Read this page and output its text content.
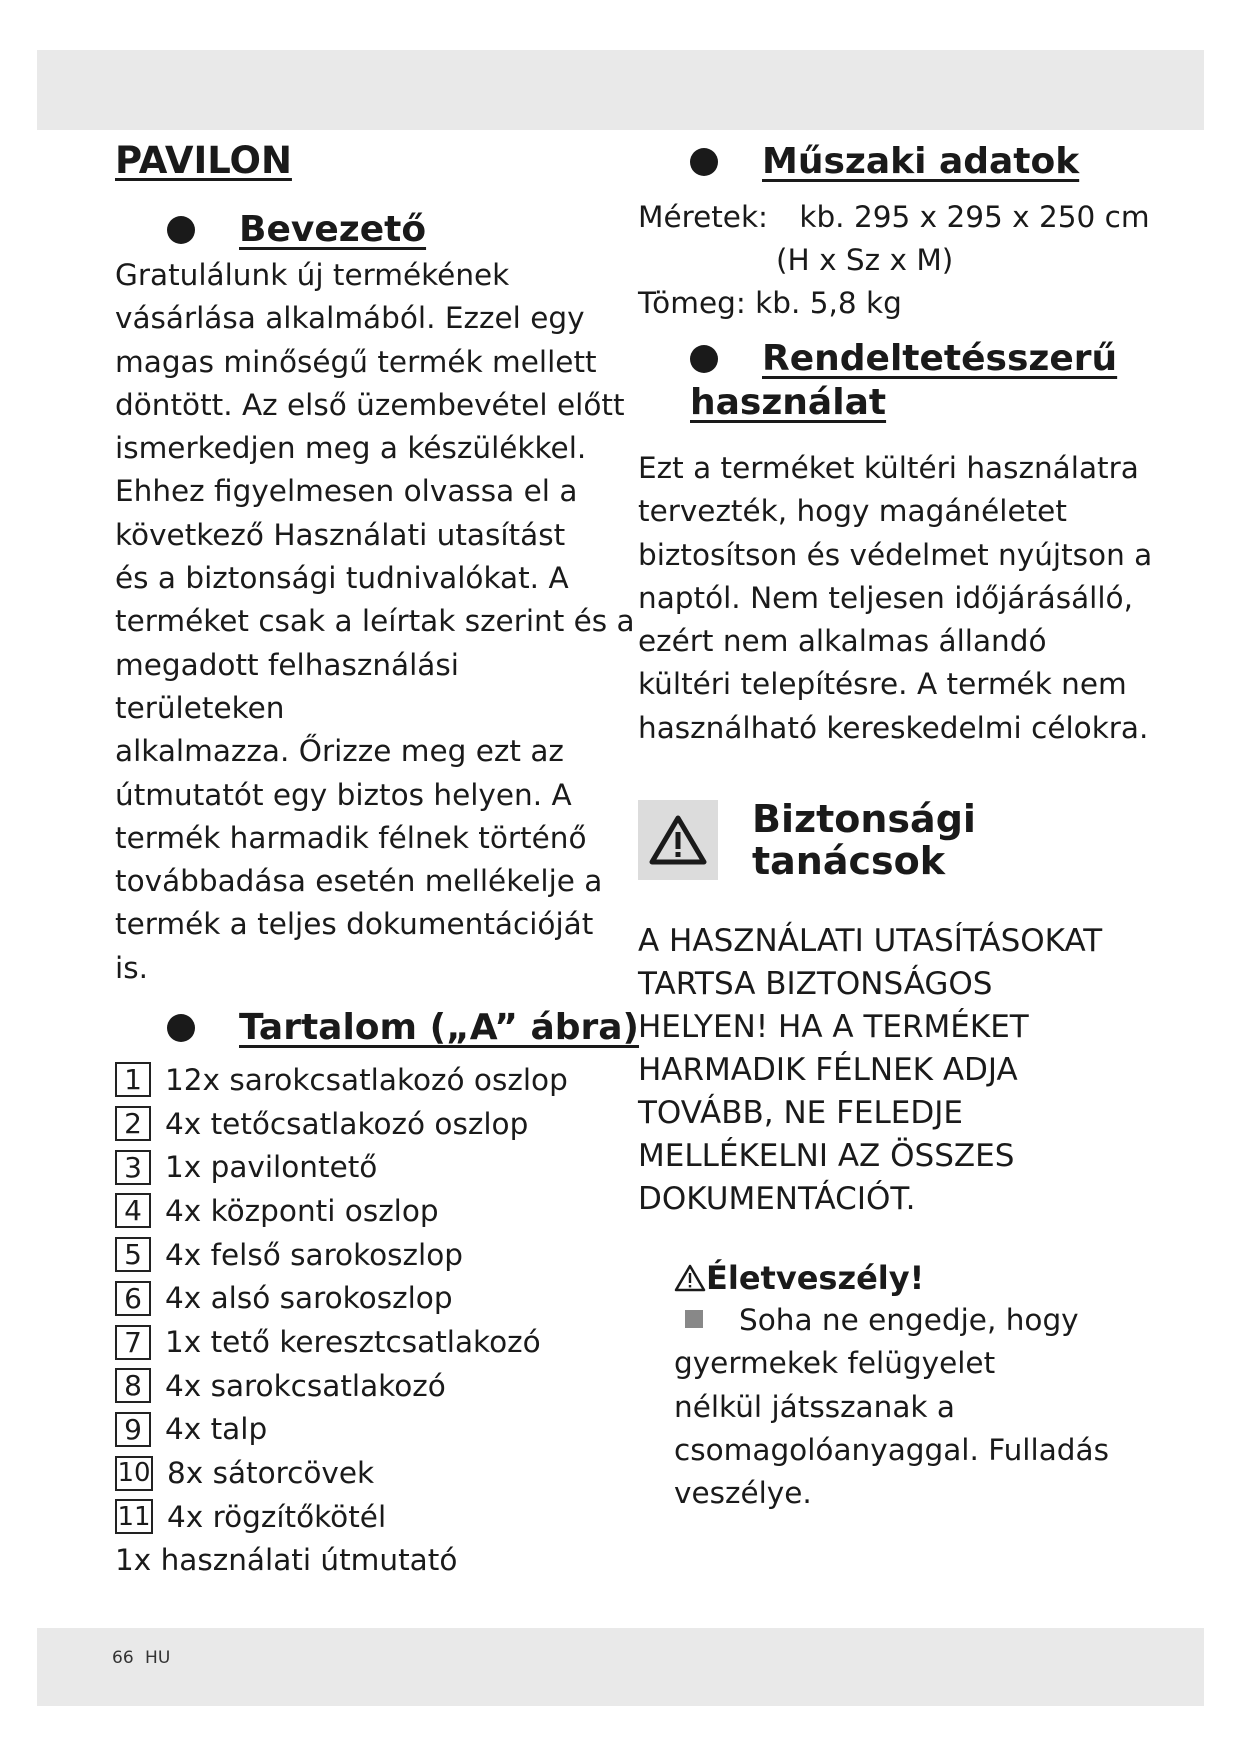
PAVILON
Bevezető

Gratulálunk új termékének

vásárlása alkalmából. Ezzel egy

magas minőségű termék mellett

döntött. Az első üzembevétel előtt

ismerkedjen meg a készülékkel.

Ehhez figyelmesen olvassa el a

következő Használati utasítást

és a biztonsági tudnivalókat. A

terméket csak a leírtak szerint és a

megadott felhasználási területeken

alkalmazza. Őrizze meg ezt az

útmutatót egy biztos helyen. A

termék harmadik félnek történő

továbbadása esetén mellékelje a

termék a teljes dokumentációját is.

Tartalom („A” ábra)
1 12x sarokcsatlakozó oszlop
2 4x tetőcsatlakozó oszlop
3 1x pavilontető
4 4x központi oszlop
5 4x felső sarokoszlop
6 4x alsó sarokoszlop
7 1x tető keresztcsatlakozó
8 4x sarokcsatlakozó
9 4x talp
10 8x sátorcövek
11 4x rögzítőkötél

1x használati útmutató

Műszaki adatok

Méretek: kb. 295 x 295 x 250 cm

(H x Sz x M)

Tömeg: kb. 5,8 kg

Rendeltetésszerű
használat

Ezt a terméket kültéri használatra

tervezték, hogy magánéletet

biztosítson és védelmet nyújtson a

naptól. Nem teljesen időjárásálló,

ezért nem alkalmas állandó

kültéri telepítésre. A termék nem

használható kereskedelmi célokra.

Biztonsági
tanácsok

A HASZNÁLATI UTASÍTÁSOKAT

TARTSA BIZTONSÁGOS

HELYEN! HA A TERMÉKET

HARMADIK FÉLNEK ADJA

TOVÁBB, NE FELEDJE

MELLÉKELNI AZ ÖSSZES

DOKUMENTÁCIÓT.

Életveszély!

Soha ne engedje, hogy

gyermekek felügyelet

nélkül játsszanak a

csomagolóanyaggal. Fulladás

veszélye.

66 HU
